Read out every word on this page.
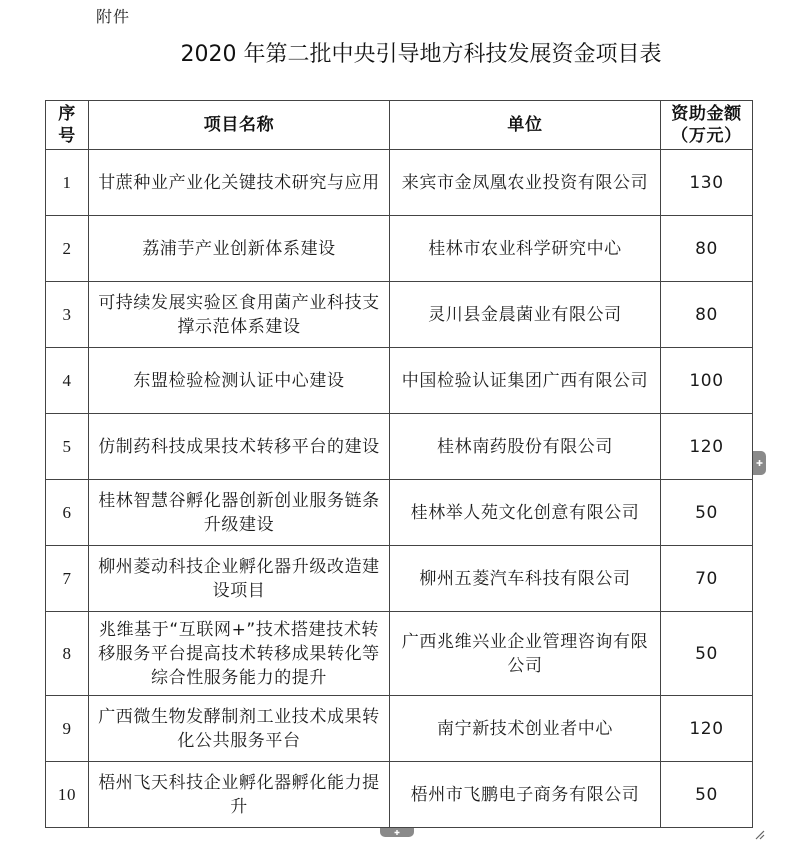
附件
2020 年第二批中央引导地方科技发展资金项目表
序号	项目名称	单位	资助金额（万元）
1	甘蔗种业产业化关键技术研究与应用	来宾市金凤凰农业投资有限公司	130
2	荔浦芋产业创新体系建设	桂林市农业科学研究中心	80
3	可持续发展实验区食用菌产业科技支撑示范体系建设	灵川县金晨菌业有限公司	80
4	东盟检验检测认证中心建设	中国检验认证集团广西有限公司	100
5	仿制药科技成果技术转移平台的建设	桂林南药股份有限公司	120
6	桂林智慧谷孵化器创新创业服务链条升级建设	桂林举人苑文化创意有限公司	50
7	柳州菱动科技企业孵化器升级改造建设项目	柳州五菱汽车科技有限公司	70
8	兆维基于“互联网+”技术搭建技术转移服务平台提高技术转移成果转化等综合性服务能力的提升	广西兆维兴业企业管理咨询有限公司	50
9	广西微生物发酵制剂工业技术成果转化公共服务平台	南宁新技术创业者中心	120
10	梧州飞天科技企业孵化器孵化能力提升	梧州市飞鹏电子商务有限公司	50
